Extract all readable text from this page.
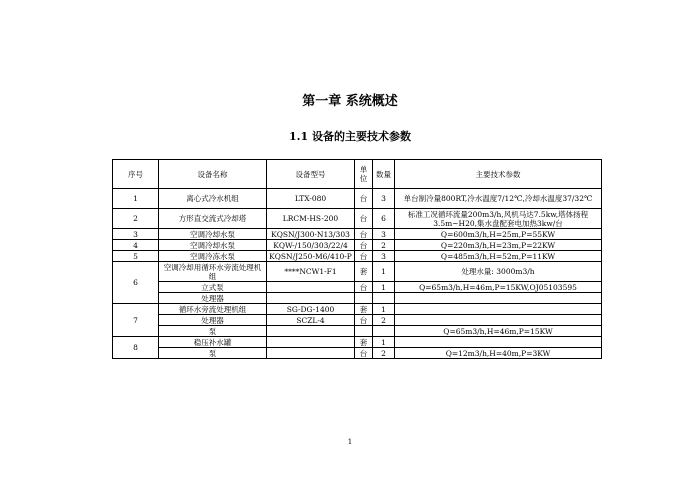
第一章 系统概述
1.1 设备的主要技术参数
序号	设备名称	设备型号	单位	数量	主要技术参数
1	离心式冷水机组	LTX-080	台	3	单台制冷量800RT,冷水温度7/12℃,冷却水温度37/32℃
2	方形直交流式冷却塔	LRCM-HS-200	台	6	标准工况循环流量200m3/h,风机马达7.5kw,塔体扬程3.5m~H20,集水盘配套电加热3kw/台
3	空调冷却水泵	KQSN/J300-N13/303	台	3	Q=600m3/h,H=25m,P=55KW
4	空调冷却水泵	KQW-/150/303/22/4	台	2	Q=220m3/h,H=23m,P=22KW
5	空调冷冻水泵	KQSN/J250-M6/410-P	台	3	Q=485m3/h,H=52m,P=11KW
6	空调冷却用循环水旁流处理机组	****NCW1-F1	套	1	处理水量: 3000m3/h
	立式泵		台	1	Q=65m3/h,H=46m,P=15KW,OJ05103595
	处理器				
7	循环水旁流处理机组	SG-DG-1400	套	1	
	处理器	SCZL-4	台	2	
	泵				Q=65m3/h,H=46m,P=15KW
8	稳压补水罐		套	1	
	泵		台	2	Q=12m3/h,H=40m,P=3KW
1
